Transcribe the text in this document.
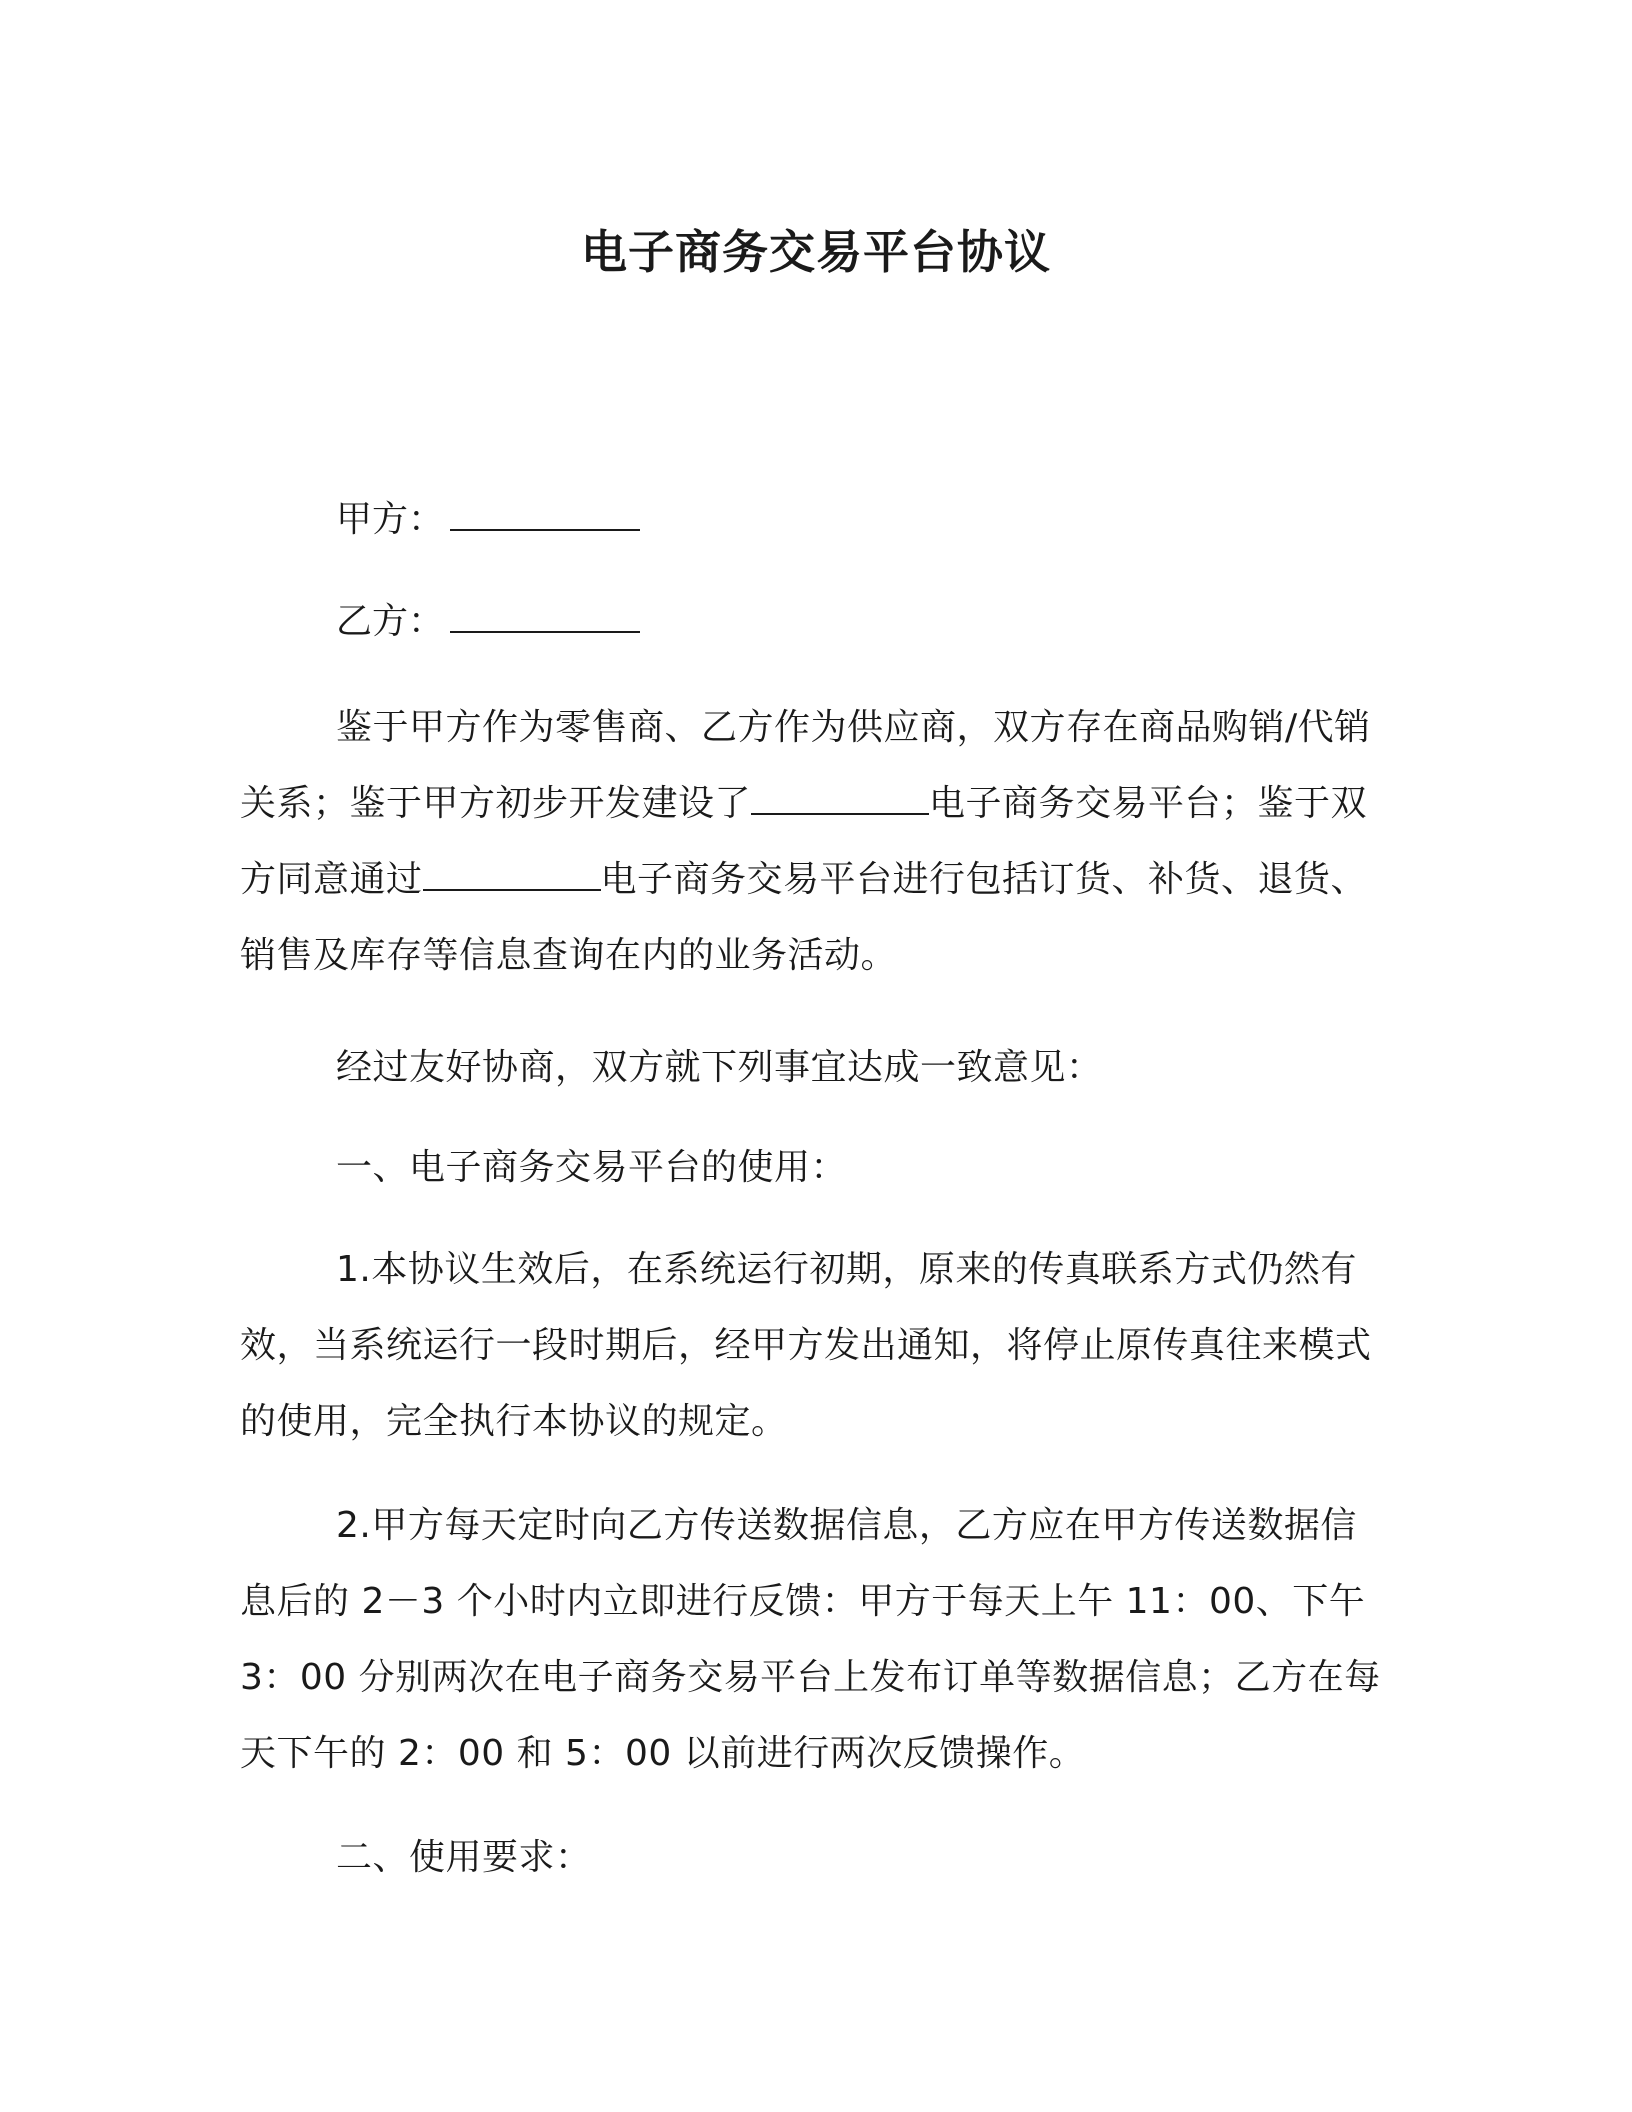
电子商务交易平台协议
甲方：
乙方：
鉴于甲方作为零售商、乙方作为供应商，双方存在商品购销/代销关系；鉴于甲方初步开发建设了	电子商务交易平台；鉴于双方同意通过	电子商务交易平台进行包括订货、补货、退货、销售及库存等信息查询在内的业务活动。
经过友好协商，双方就下列事宜达成一致意见：
一、电子商务交易平台的使用：
1.本协议生效后，在系统运行初期，原来的传真联系方式仍然有效，当系统运行一段时期后，经甲方发出通知，将停止原传真往来模式的使用，完全执行本协议的规定。
2.甲方每天定时向乙方传送数据信息，乙方应在甲方传送数据信息后的 2－3 个小时内立即进行反馈：甲方于每天上午 11：00、下午 3：00 分别两次在电子商务交易平台上发布订单等数据信息；乙方在每天下午的 2：00 和 5：00 以前进行两次反馈操作。
二、使用要求：
